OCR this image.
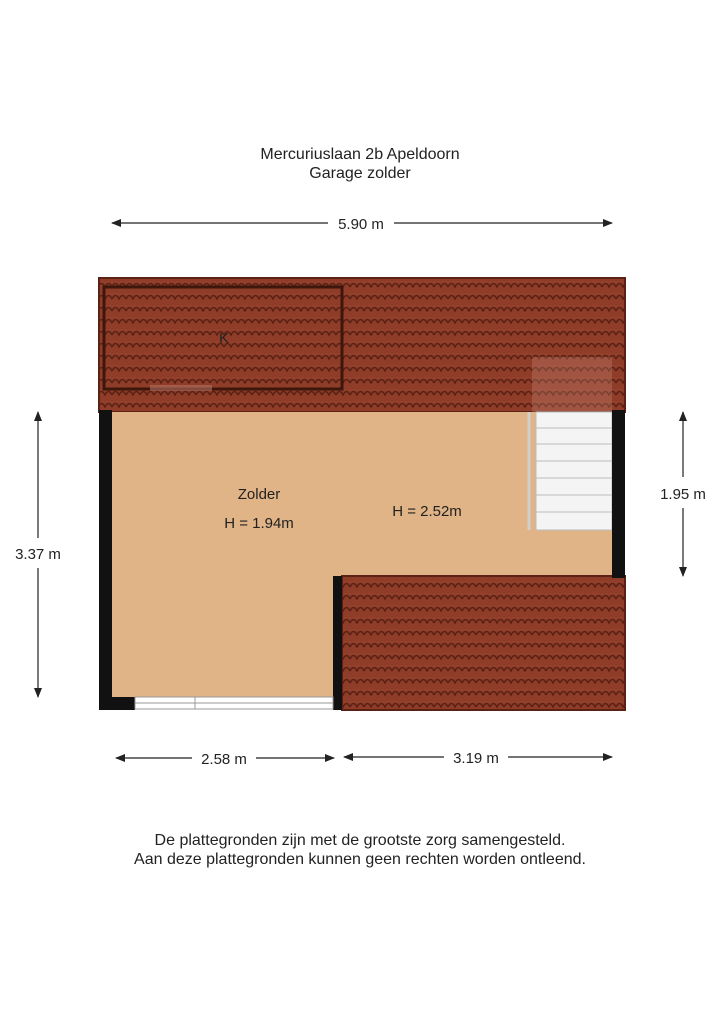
Mercuriuslaan 2b Apeldoorn
Garage zolder
K
Zolder
H = 1.94m
H = 2.52m
5.90 m
3.37 m
1.95 m
2.58 m	3.19 m
De plattegronden zijn met de grootste zorg samengesteld.
Aan deze plattegronden kunnen geen rechten worden ontleend.
